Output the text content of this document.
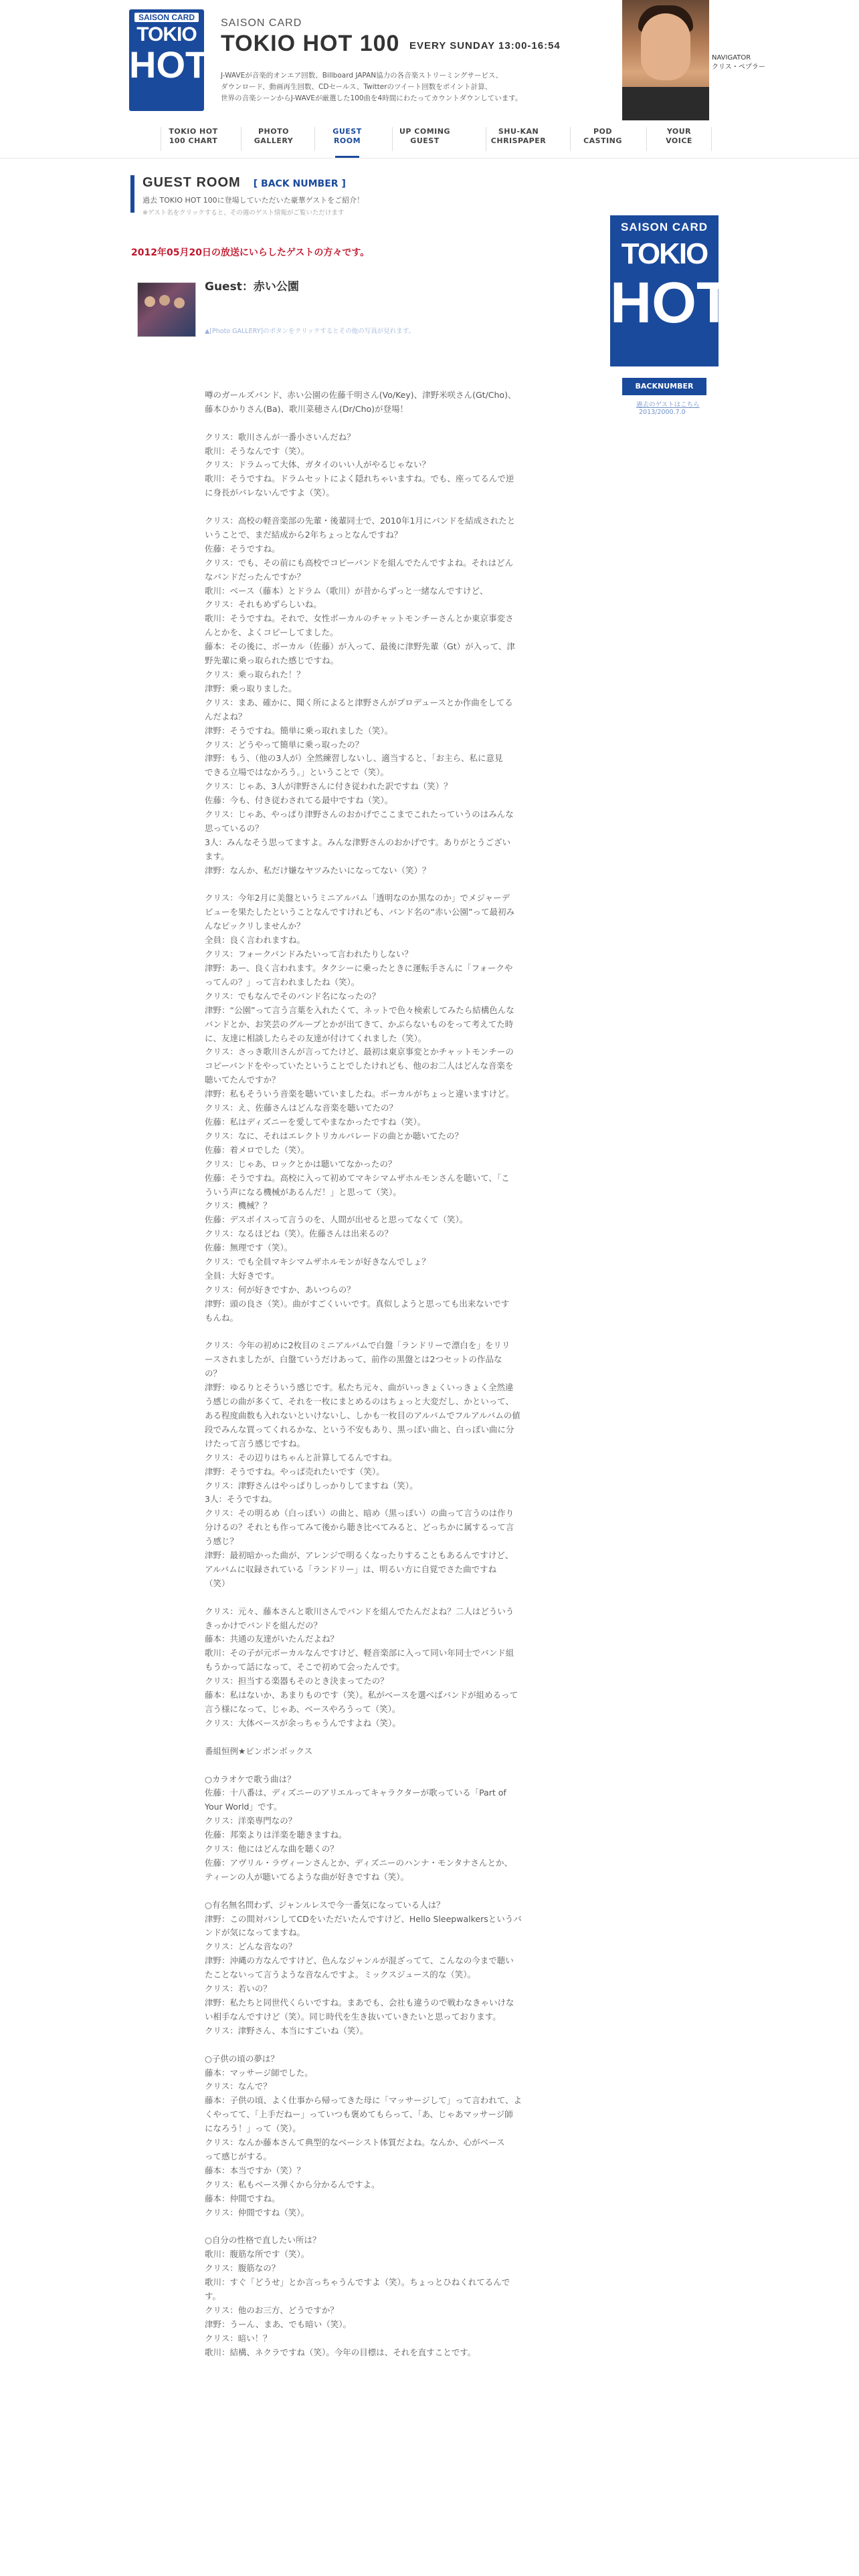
SAISON CARD
TOKIO
HOT
SAISON CARD
TOKIO HOT 100 EVERY SUNDAY 13:00-16:54

J-WAVEが音楽的オンエア回数、Billboard JAPAN協力の各音楽ストリーミングサービス、

ダウンロード、動画再生回数、CDセールス、Twitterのツイート回数をポイント計算、

世界の音楽シーンからJ-WAVEが厳選した100曲を4時間にわたってカウントダウンしています。

NAVIGATOR
クリス・ペプラー
TOKIO HOT
100 CHART
PHOTO
GALLERY
GUEST
ROOM
UP COMING
GUEST
SHU-KAN
CHRISPAPER
POD
CASTING
YOUR
VOICE
GUEST ROOM [ BACK NUMBER ]
過去 TOKIO HOT 100に登場していただいた豪華ゲストをご紹介！
※ゲスト名をクリックすると、その週のゲスト情報がご覧いただけます
2012年05月20日の放送にいらしたゲストの方々です。
Guest：赤い公園
▲[Photo GALLERY]のボタンをクリックするとその他の写真が見れます。
噂のガールズバンド、赤い公園の佐藤千明さん(Vo/Key)、津野米咲さん(Gt/Cho)、
藤本ひかりさん(Ba)、歌川菜穂さん(Dr/Cho)が登場！
クリス：歌川さんが一番小さいんだね？
歌川：そうなんです（笑）。
クリス：ドラムって大体、ガタイのいい人がやるじゃない？
歌川：そうですね。ドラムセットによく隠れちゃいますね。でも、座ってるんで逆
に身長がバレないんですよ（笑）。
クリス：高校の軽音楽部の先輩・後輩同士で、2010年1月にバンドを結成されたと
いうことで、まだ結成から2年ちょっとなんですね？
佐藤：そうですね。
クリス：でも、その前にも高校でコピーバンドを組んでたんですよね。それはどん
なバンドだったんですか？
歌川：ベース（藤本）とドラム（歌川）が昔からずっと一緒なんですけど、
クリス：それもめずらしいね。
歌川：そうですね。それで、女性ボーカルのチャットモンチーさんとか東京事変さ
んとかを、よくコピーしてました。
藤本：その後に、ボーカル（佐藤）が入って、最後に津野先輩（Gt）が入って、津
野先輩に乗っ取られた感じですね。
クリス：乗っ取られた！？
津野：乗っ取りました。
クリス：まあ、確かに、聞く所によると津野さんがプロデュースとか作曲をしてる
んだよね？
津野：そうですね。簡単に乗っ取れました（笑）。
クリス：どうやって簡単に乗っ取ったの？
津野：もう、（他の3人が）全然練習しないし、適当すると、「お主ら、私に意見
できる立場ではなかろう。」ということで（笑）。
クリス：じゃあ、3人が津野さんに付き従われた訳ですね（笑）？
佐藤：今も、付き従わされてる最中ですね（笑）。
クリス：じゃあ、やっぱり津野さんのおかげでここまでこれたっていうのはみんな
思っているの？
3人：みんなそう思ってますよ。みんな津野さんのおかげです。ありがとうござい
ます。
津野：なんか、私だけ嫌なヤツみたいになってない（笑）？
クリス：今年2月に美盤というミニアルバム「透明なのか黒なのか」でメジャーデ
ビューを果たしたということなんですけれども、バンド名の“赤い公園”って最初み
んなピックリしませんか？
全員：良く言われますね。
クリス：フォークバンドみたいって言われたりしない？
津野：あー、良く言われます。タクシーに乗ったときに運転手さんに「フォークや
ってんの？」って言われましたね（笑）。
クリス：でもなんでそのバンド名になったの？
津野：“公園”って言う言葉を入れたくて、ネットで色々検索してみたら結構色んな
バンドとか、お笑芸のグループとかが出てきて、かぶらないものをって考えてた時
に、友達に相談したらその友達が付けてくれました（笑）。
クリス：さっき歌川さんが言ってたけど、最初は東京事変とかチャットモンチーの
コピーバンドをやっていたということでしたけれども、他のお二人はどんな音楽を
聴いてたんですか？
津野：私もそういう音楽を聴いていましたね。ボーカルがちょっと違いますけど。
クリス：え、佐藤さんはどんな音楽を聴いてたの？
佐藤：私はディズニーを愛してやまなかったですね（笑）。
クリス：なに、それはエレクトリカルパレードの曲とか聴いてたの？
佐藤：着メロでした（笑）。
クリス：じゃあ、ロックとかは聴いてなかったの？
佐藤：そうですね。高校に入って初めてマキシマムザホルモンさんを聴いて、「こ
ういう声になる機械があるんだ！」と思って（笑）。
クリス：機械？？
佐藤：デスボイスって言うのを、人間が出せると思ってなくて（笑）。
クリス：なるほどね（笑）。佐藤さんは出来るの？
佐藤：無理です（笑）。
クリス：でも全員マキシマムザホルモンが好きなんでしょ？
全員：大好きです。
クリス：何が好きですか、あいつらの？
津野：頭の良さ（笑）。曲がすごくいいです。真似しようと思っても出来ないです
もんね。
クリス：今年の初めに2枚目のミニアルバムで白盤「ランドリーで漂白を」をリリ
ースされましたが、白盤ていうだけあって、前作の黒盤とは2つセットの作品な
の？
津野：ゆるりとそういう感じです。私たち元々、曲がいっきょくいっきょく全然違
う感じの曲が多くて、それを一枚にまとめるのはちょっと大変だし、かといって、
ある程度曲数も入れないといけないし、しかも一枚目のアルバムでフルアルバムの値
段でみんな買ってくれるかな、という不安もあり、黒っぽい曲と、白っぽい曲に分
けたって言う感じですね。
クリス：その辺りはちゃんと計算してるんですね。
津野：そうですね。やっぱ売れたいです（笑）。
クリス：津野さんはやっぱりしっかりしてますね（笑）。
3人：そうですね。
クリス：その明るめ（白っぽい）の曲と、暗め（黒っぽい）の曲って言うのは作り
分けるの？それとも作ってみて後から聴き比べてみると、どっちかに属するって言
う感じ？
津野：最初暗かった曲が、アレンジで明るくなったりすることもあるんですけど、
アルバムに収録されている「ランドリー」は、明るい方に自覚でさた曲ですね
（笑）
クリス：元々、藤本さんと歌川さんでバンドを組んでたんだよね？二人はどういう
きっかけでバンドを組んだの？
藤本：共通の友達がいたんだよね？
歌川：その子が元ボーカルなんですけど、軽音楽部に入って同い年同士でバンド組
もうかって話になって、そこで初めて会ったんです。
クリス：担当する楽器もそのとき決まってたの？
藤本：私はないか、あまりものです（笑）。私がベースを選べばバンドが組めるって
言う様になって、じゃあ、ベースやろうって（笑）。
クリス：大体ベースが余っちゃうんですよね（笑）。
番組恒例★ピンポンボックス
○カラオケで歌う曲は？
佐藤：十八番は、ディズニーのアリエルってキャラクターが歌っている「Part of
Your World」です。
クリス：洋楽専門なの？
佐藤：邦楽よりは洋楽を聴きますね。
クリス：他にはどんな曲を聴くの？
佐藤：アヴリル・ラヴィーンさんとか、ディズニーのハンナ・モンタナさんとか、
ティーンの人が聴いてるような曲が好きですね（笑）。
○有名無名問わず、ジャンルレスで今一番気になっている人は？
津野：この間対バンしてCDをいただいたんですけど、Hello Sleepwalkersというバ
ンドが気になってますね。
クリス：どんな音なの？
津野：沖縄の方なんですけど、色んなジャンルが混ざってて、こんなの今まで聴い
たことないって言うような音なんですよ。ミックスジュース的な（笑）。
クリス：若いの？
津野：私たちと同世代くらいですね。まあでも、会社も違うので戦わなきゃいけな
い相手なんですけど（笑）。同じ時代を生き抜いていきたいと思っております。
クリス：津野さん、本当にすごいね（笑）。
○子供の頃の夢は？
藤本：マッサージ師でした。
クリス：なんで？
藤本：子供の頃、よく仕事から帰ってきた母に「マッサージして」って言われて、よ
くやってて、「上手だねー」っていつも褒めてもらって、「あ、じゃあマッサージ師
になろう！」って（笑）。
クリス：なんか藤本さんて典型的なベーシスト体質だよね。なんか、心がベース
って感じがする。
藤本：本当ですか（笑）？
クリス：私もベース弾くから分かるんですよ。
藤本：仲間ですね。
クリス：仲間ですね（笑）。
○自分の性格で直したい所は？
歌川：腹筋な所です（笑）。
クリス：腹筋なの？
歌川：すぐ「どうせ」とか言っちゃうんですよ（笑）。ちょっとひねくれてるんで
す。
クリス：他のお三方、どうですか？
津野：うーん、まあ、でも暗い（笑）。
クリス：暗い！？
歌川：結構、ネクラですね（笑）。今年の目標は、それを直すことです。
SAISON CARD
TOKIO
HOT
BACKNUMBER
過去のゲストはこちら
2013/2000.7.0
